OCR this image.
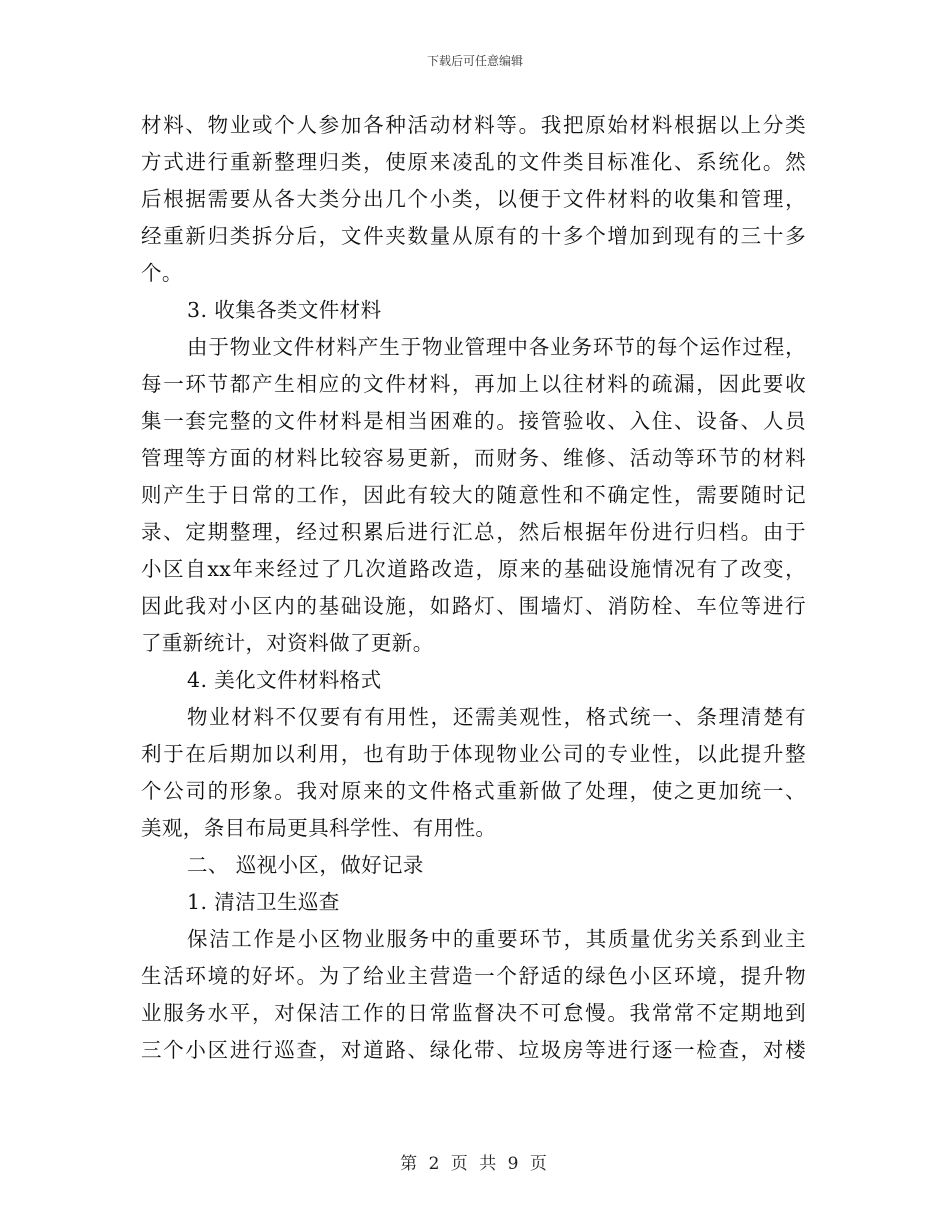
下载后可任意编辑
材料、物业或个人参加各种活动材料等。我把原始材料根据以上分类
方式进行重新整理归类，使原来凌乱的文件类目标准化、系统化。然
后根据需要从各大类分出几个小类，以便于文件材料的收集和管理，
经重新归类拆分后，文件夹数量从原有的十多个增加到现有的三十多
个。
3. 收集各类文件材料
由于物业文件材料产生于物业管理中各业务环节的每个运作过程，
每一环节都产生相应的文件材料，再加上以往材料的疏漏，因此要收
集一套完整的文件材料是相当困难的。接管验收、入住、设备、人员
管理等方面的材料比较容易更新，而财务、维修、活动等环节的材料
则产生于日常的工作，因此有较大的随意性和不确定性，需要随时记
录、定期整理，经过积累后进行汇总，然后根据年份进行归档。由于
小区自xx年来经过了几次道路改造，原来的基础设施情况有了改变，
因此我对小区内的基础设施，如路灯、围墙灯、消防栓、车位等进行
了重新统计，对资料做了更新。
4. 美化文件材料格式
物业材料不仅要有有用性，还需美观性，格式统一、条理清楚有
利于在后期加以利用，也有助于体现物业公司的专业性，以此提升整
个公司的形象。我对原来的文件格式重新做了处理，使之更加统一、
美观，条目布局更具科学性、有用性。
二、 巡视小区，做好记录
1. 清洁卫生巡查
保洁工作是小区物业服务中的重要环节，其质量优劣关系到业主
生活环境的好坏。为了给业主营造一个舒适的绿色小区环境，提升物
业服务水平，对保洁工作的日常监督决不可怠慢。我常常不定期地到
三个小区进行巡查，对道路、绿化带、垃圾房等进行逐一检查，对楼
第 2 页 共 9 页
